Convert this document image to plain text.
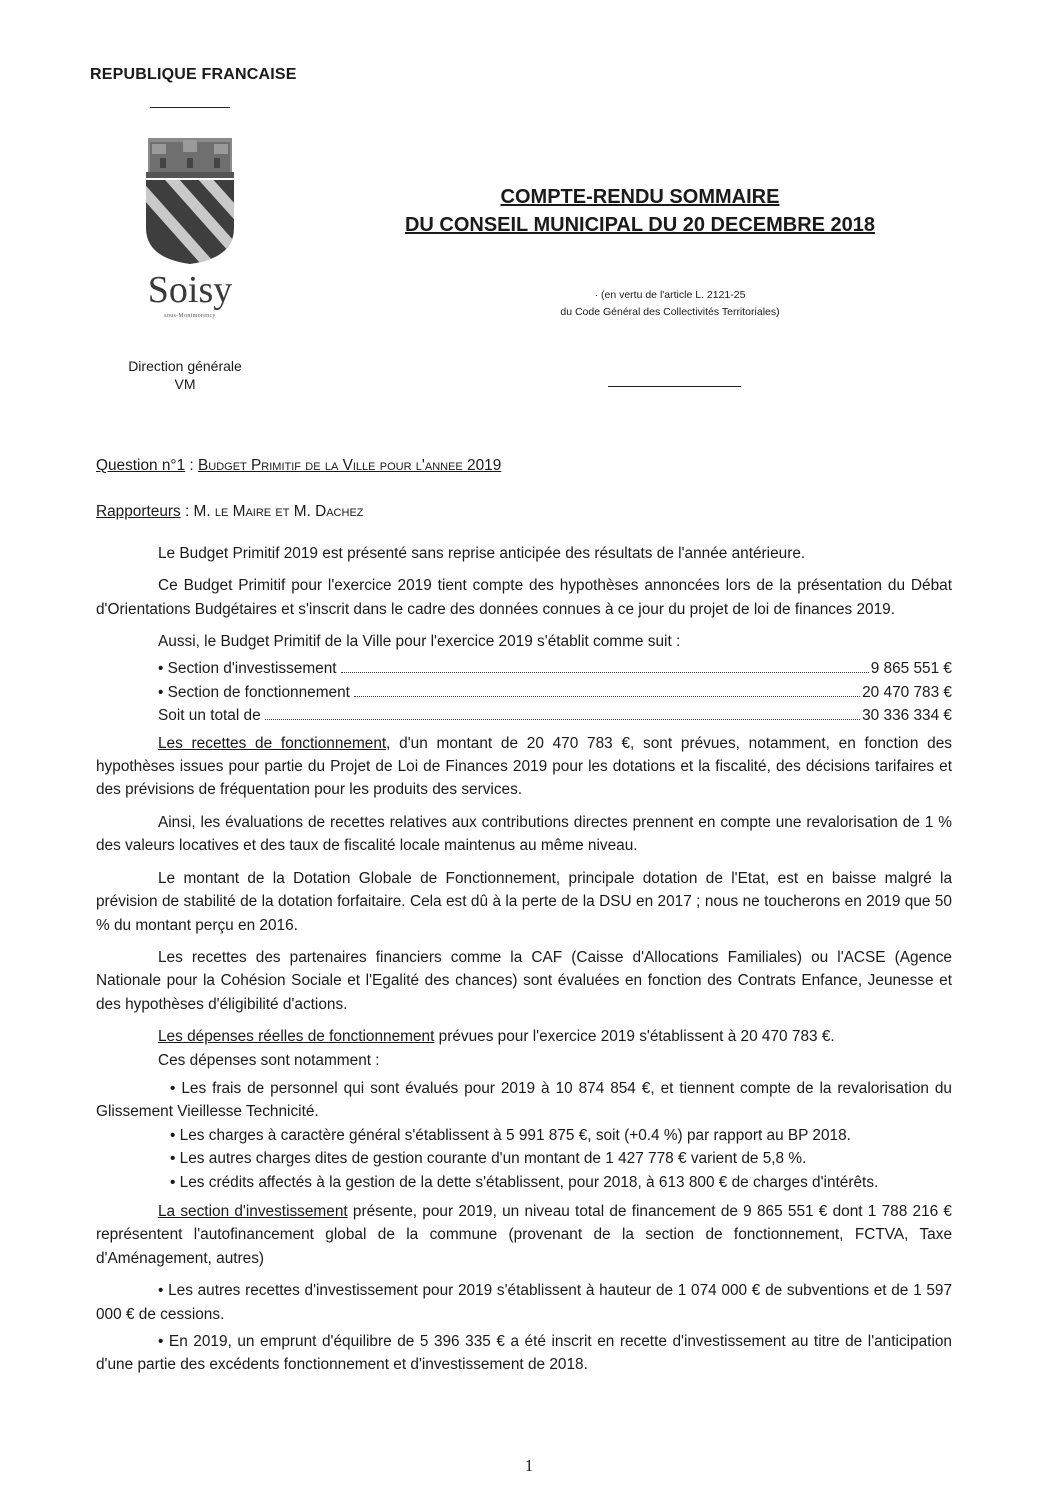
REPUBLIQUE FRANCAISE
Soisy
sous-Montmorency
COMPTE-RENDU SOMMAIRE
DU CONSEIL MUNICIPAL DU 20 DECEMBRE 2018
· (en vertu de l'article L. 2121-25
du Code Général des Collectivités Territoriales)
Direction générale
VM

Question n°1 : Budget Primitif de la Ville pour l'annee 2019

Rapporteurs : M. le Maire et M. Dachez

Le Budget Primitif 2019 est présenté sans reprise anticipée des résultats de l'année antérieure.

Ce Budget Primitif pour l'exercice 2019 tient compte des hypothèses annoncées lors de la présentation du Débat d'Orientations Budgétaires et s'inscrit dans le cadre des données connues à ce jour du projet de loi de finances 2019.

Aussi, le Budget Primitif de la Ville pour l'exercice 2019 s'établit comme suit :

• Section d'investissement	9 865 551 €
• Section de fonctionnement	20 470 783 €
Soit un total de	30 336 334 €

Les recettes de fonctionnement, d'un montant de 20 470 783 €, sont prévues, notamment, en fonction des hypothèses issues pour partie du Projet de Loi de Finances 2019 pour les dotations et la fiscalité, des décisions tarifaires et des prévisions de fréquentation pour les produits des services.

Ainsi, les évaluations de recettes relatives aux contributions directes prennent en compte une revalorisation de 1 % des valeurs locatives et des taux de fiscalité locale maintenus au même niveau.

Le montant de la Dotation Globale de Fonctionnement, principale dotation de l'Etat, est en baisse malgré la prévision de stabilité de la dotation forfaitaire. Cela est dû à la perte de la DSU en 2017 ; nous ne toucherons en 2019 que 50 % du montant perçu en 2016.

Les recettes des partenaires financiers comme la CAF (Caisse d'Allocations Familiales) ou l'ACSE (Agence Nationale pour la Cohésion Sociale et l'Egalité des chances) sont évaluées en fonction des Contrats Enfance, Jeunesse et des hypothèses d'éligibilité d'actions.

Les dépenses réelles de fonctionnement prévues pour l'exercice 2019 s'établissent à 20 470 783 €.

Ces dépenses sont notamment :

• Les frais de personnel qui sont évalués pour 2019 à 10 874 854 €, et tiennent compte de la revalorisation du Glissement Vieillesse Technicité.

• Les charges à caractère général s'établissent à 5 991 875 €, soit (+0.4 %) par rapport au BP 2018.

• Les autres charges dites de gestion courante d'un montant de 1 427 778 € varient de 5,8 %.

• Les crédits affectés à la gestion de la dette s'établissent, pour 2018, à 613 800 € de charges d'intérêts.

La section d'investissement présente, pour 2019, un niveau total de financement de 9 865 551 € dont 1 788 216 € représentent l'autofinancement global de la commune (provenant de la section de fonctionnement, FCTVA, Taxe d'Aménagement, autres)

• Les autres recettes d'investissement pour 2019 s'établissent à hauteur de 1 074 000 € de subventions et de 1 597 000 € de cessions.

• En 2019, un emprunt d'équilibre de 5 396 335 € a été inscrit en recette d'investissement au titre de l'anticipation d'une partie des excédents fonctionnement et d'investissement de 2018.

1
